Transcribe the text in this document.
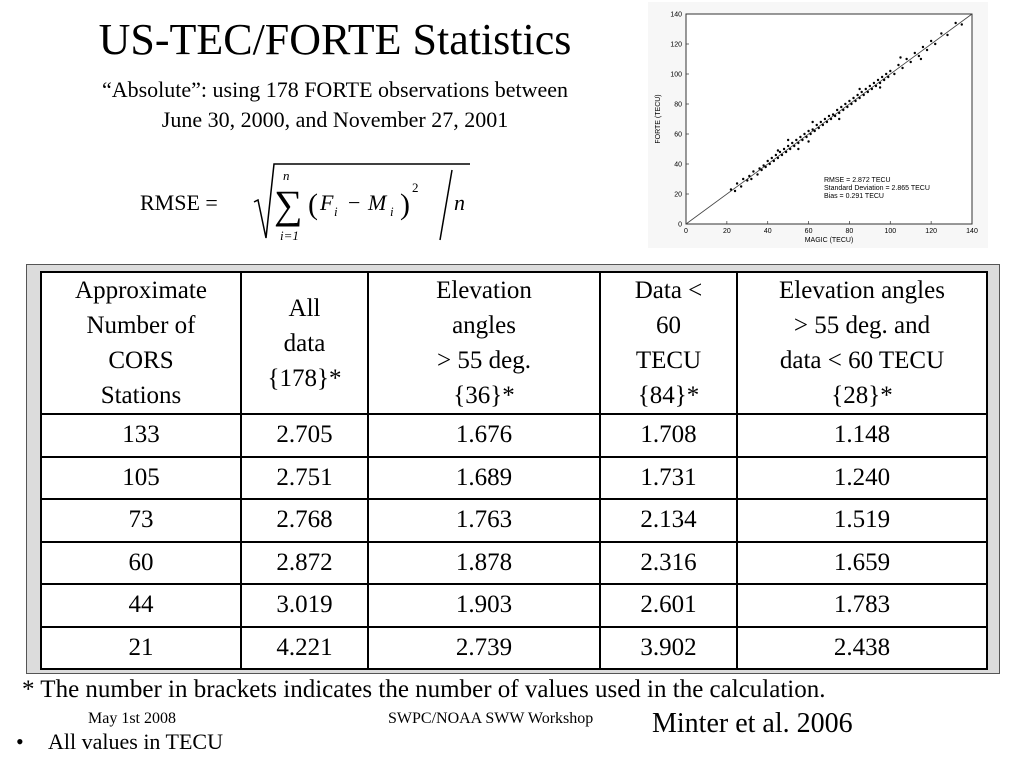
US-TEC/FORTE Statistics
“Absolute”: using 178 FORTE observations between
June 30, 2000, and November 27, 2001
RMSE =
n
∑
i=1
( F i − M i )
2
n
0	20	40	60	80	100	120	140
0
20
40
60
80
100
120
140
MAGIC (TECU)
FORTE (TECU)
RMSE = 2.872 TECU
Standard Deviation = 2.865 TECU
Bias = 0.291 TECU
Approximate
Number of
CORS
Stations	All
data
{178}*	Elevation
angles
> 55 deg.
{36}*	Data <
60
TECU
{84}*	Elevation angles
> 55 deg. and
data < 60 TECU
{28}*

133	2.705	1.676	1.708	1.148
105	2.751	1.689	1.731	1.240
73	2.768	1.763	2.134	1.519
60	2.872	1.878	2.316	1.659
44	3.019	1.903	2.601	1.783
21	4.221	2.739	3.902	2.438
* The number in brackets indicates the number of values used in the calculation.
May 1st 2008	SWPC/NOAA SWW Workshop Minter et al. 2006
• All values in TECU
